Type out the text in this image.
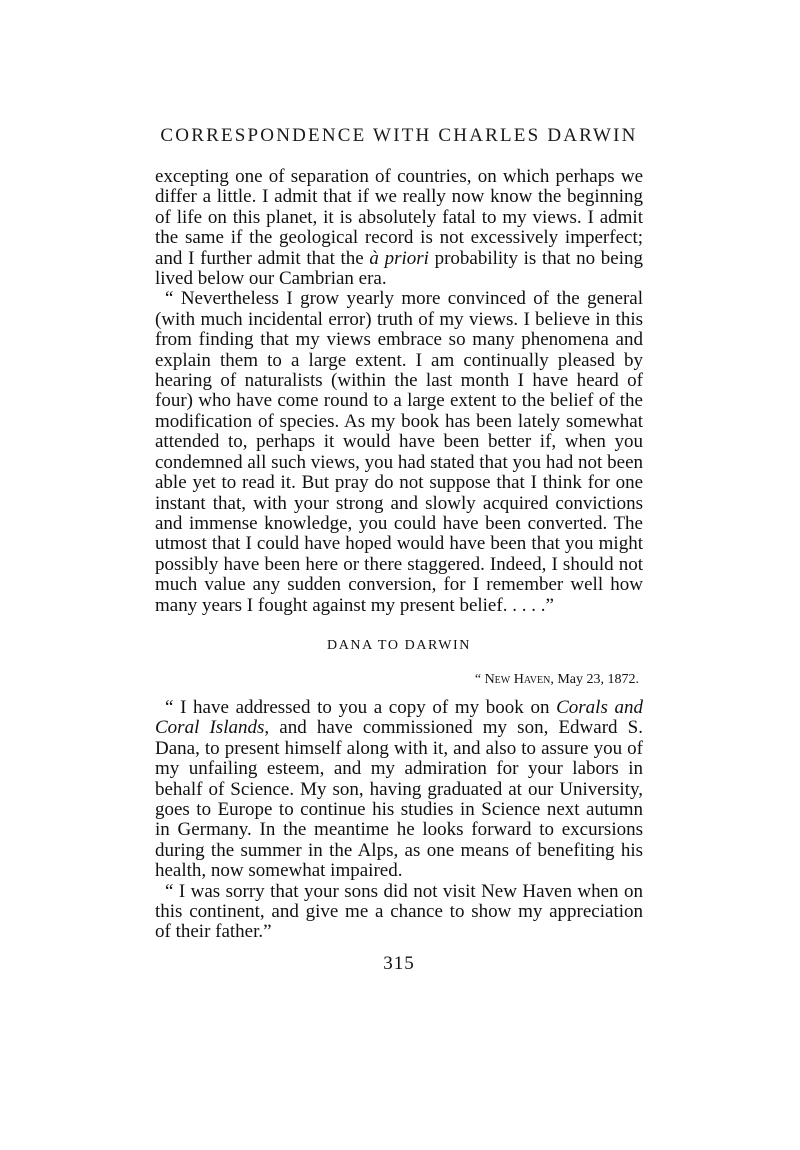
CORRESPONDENCE WITH CHARLES DARWIN

excepting one of separation of countries, on which perhaps we differ a little. I admit that if we really now know the beginning of life on this planet, it is absolutely fatal to my views. I admit the same if the geological record is not excessively imperfect; and I further admit that the à priori probability is that no being lived below our Cambrian era.

“ Nevertheless I grow yearly more convinced of the general (with much incidental error) truth of my views. I believe in this from finding that my views embrace so many phenomena and explain them to a large extent. I am continually pleased by hearing of naturalists (within the last month I have heard of four) who have come round to a large extent to the belief of the modification of species. As my book has been lately somewhat attended to, perhaps it would have been better if, when you condemned all such views, you had stated that you had not been able yet to read it. But pray do not suppose that I think for one instant that, with your strong and slowly acquired convictions and immense knowledge, you could have been converted. The utmost that I could have hoped would have been that you might possibly have been here or there staggered. Indeed, I should not much value any sudden conversion, for I remember well how many years I fought against my present belief. . . . .”

DANA TO DARWIN
“ New Haven, May 23, 1872.

“ I have addressed to you a copy of my book on Corals and Coral Islands, and have commissioned my son, Edward S. Dana, to present himself along with it, and also to assure you of my unfailing esteem, and my admiration for your labors in behalf of Science. My son, having graduated at our University, goes to Europe to continue his studies in Science next autumn in Germany. In the meantime he looks forward to excursions during the summer in the Alps, as one means of benefiting his health, now somewhat impaired.

“ I was sorry that your sons did not visit New Haven when on this continent, and give me a chance to show my appreciation of their father.”

315
